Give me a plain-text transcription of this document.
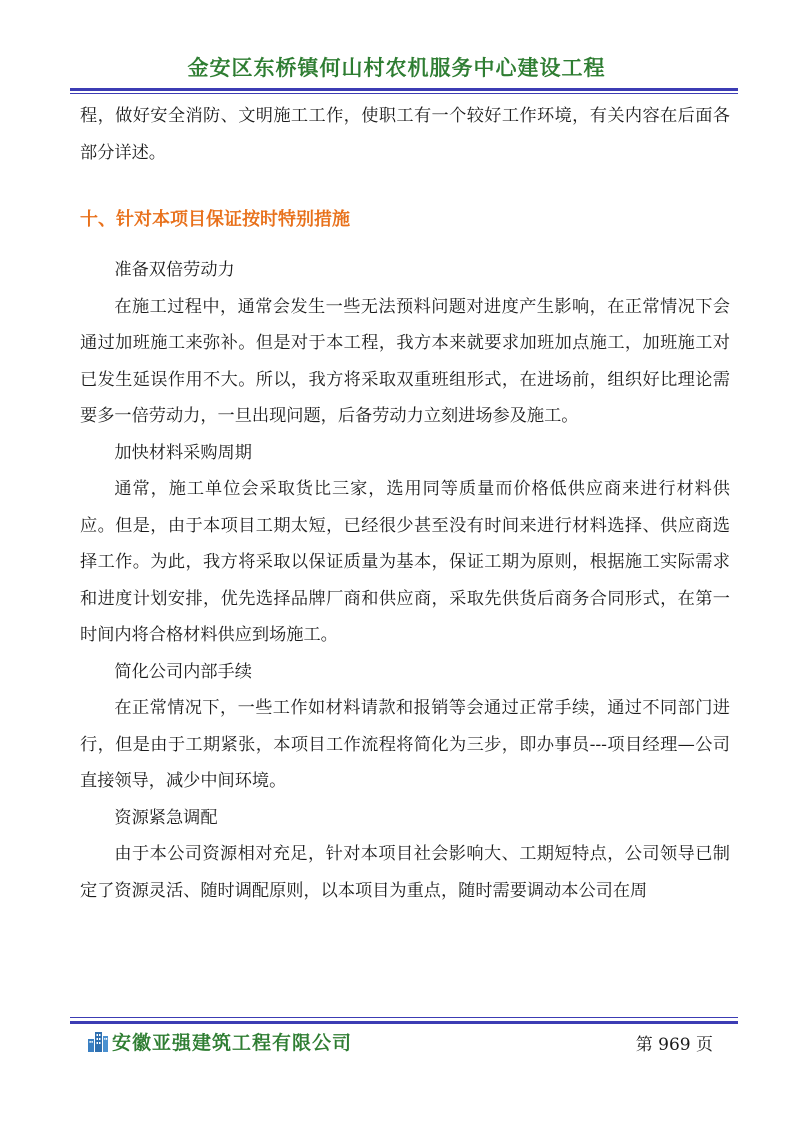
金安区东桥镇何山村农机服务中心建设工程

程，做好安全消防、文明施工工作，使职工有一个较好工作环境，有关内容在后面各部分详述。

十、针对本项目保证按时特别措施

准备双倍劳动力

在施工过程中，通常会发生一些无法预料问题对进度产生影响，在正常情况下会通过加班施工来弥补。但是对于本工程，我方本来就要求加班加点施工，加班施工对已发生延误作用不大。所以，我方将采取双重班组形式，在进场前，组织好比理论需要多一倍劳动力，一旦出现问题，后备劳动力立刻进场参及施工。

加快材料采购周期

通常，施工单位会采取货比三家，选用同等质量而价格低供应商来进行材料供应。但是，由于本项目工期太短，已经很少甚至没有时间来进行材料选择、供应商选择工作。为此，我方将采取以保证质量为基本，保证工期为原则，根据施工实际需求和进度计划安排，优先选择品牌厂商和供应商，采取先供货后商务合同形式，在第一时间内将合格材料供应到场施工。

简化公司内部手续

在正常情况下，一些工作如材料请款和报销等会通过正常手续，通过不同部门进行，但是由于工期紧张，本项目工作流程将简化为三步，即办事员---项目经理—公司直接领导，减少中间环境。

资源紧急调配

由于本公司资源相对充足，针对本项目社会影响大、工期短特点，公司领导已制定了资源灵活、随时调配原则，以本项目为重点，随时需要调动本公司在周

安徽亚强建筑工程有限公司	第 969 页
